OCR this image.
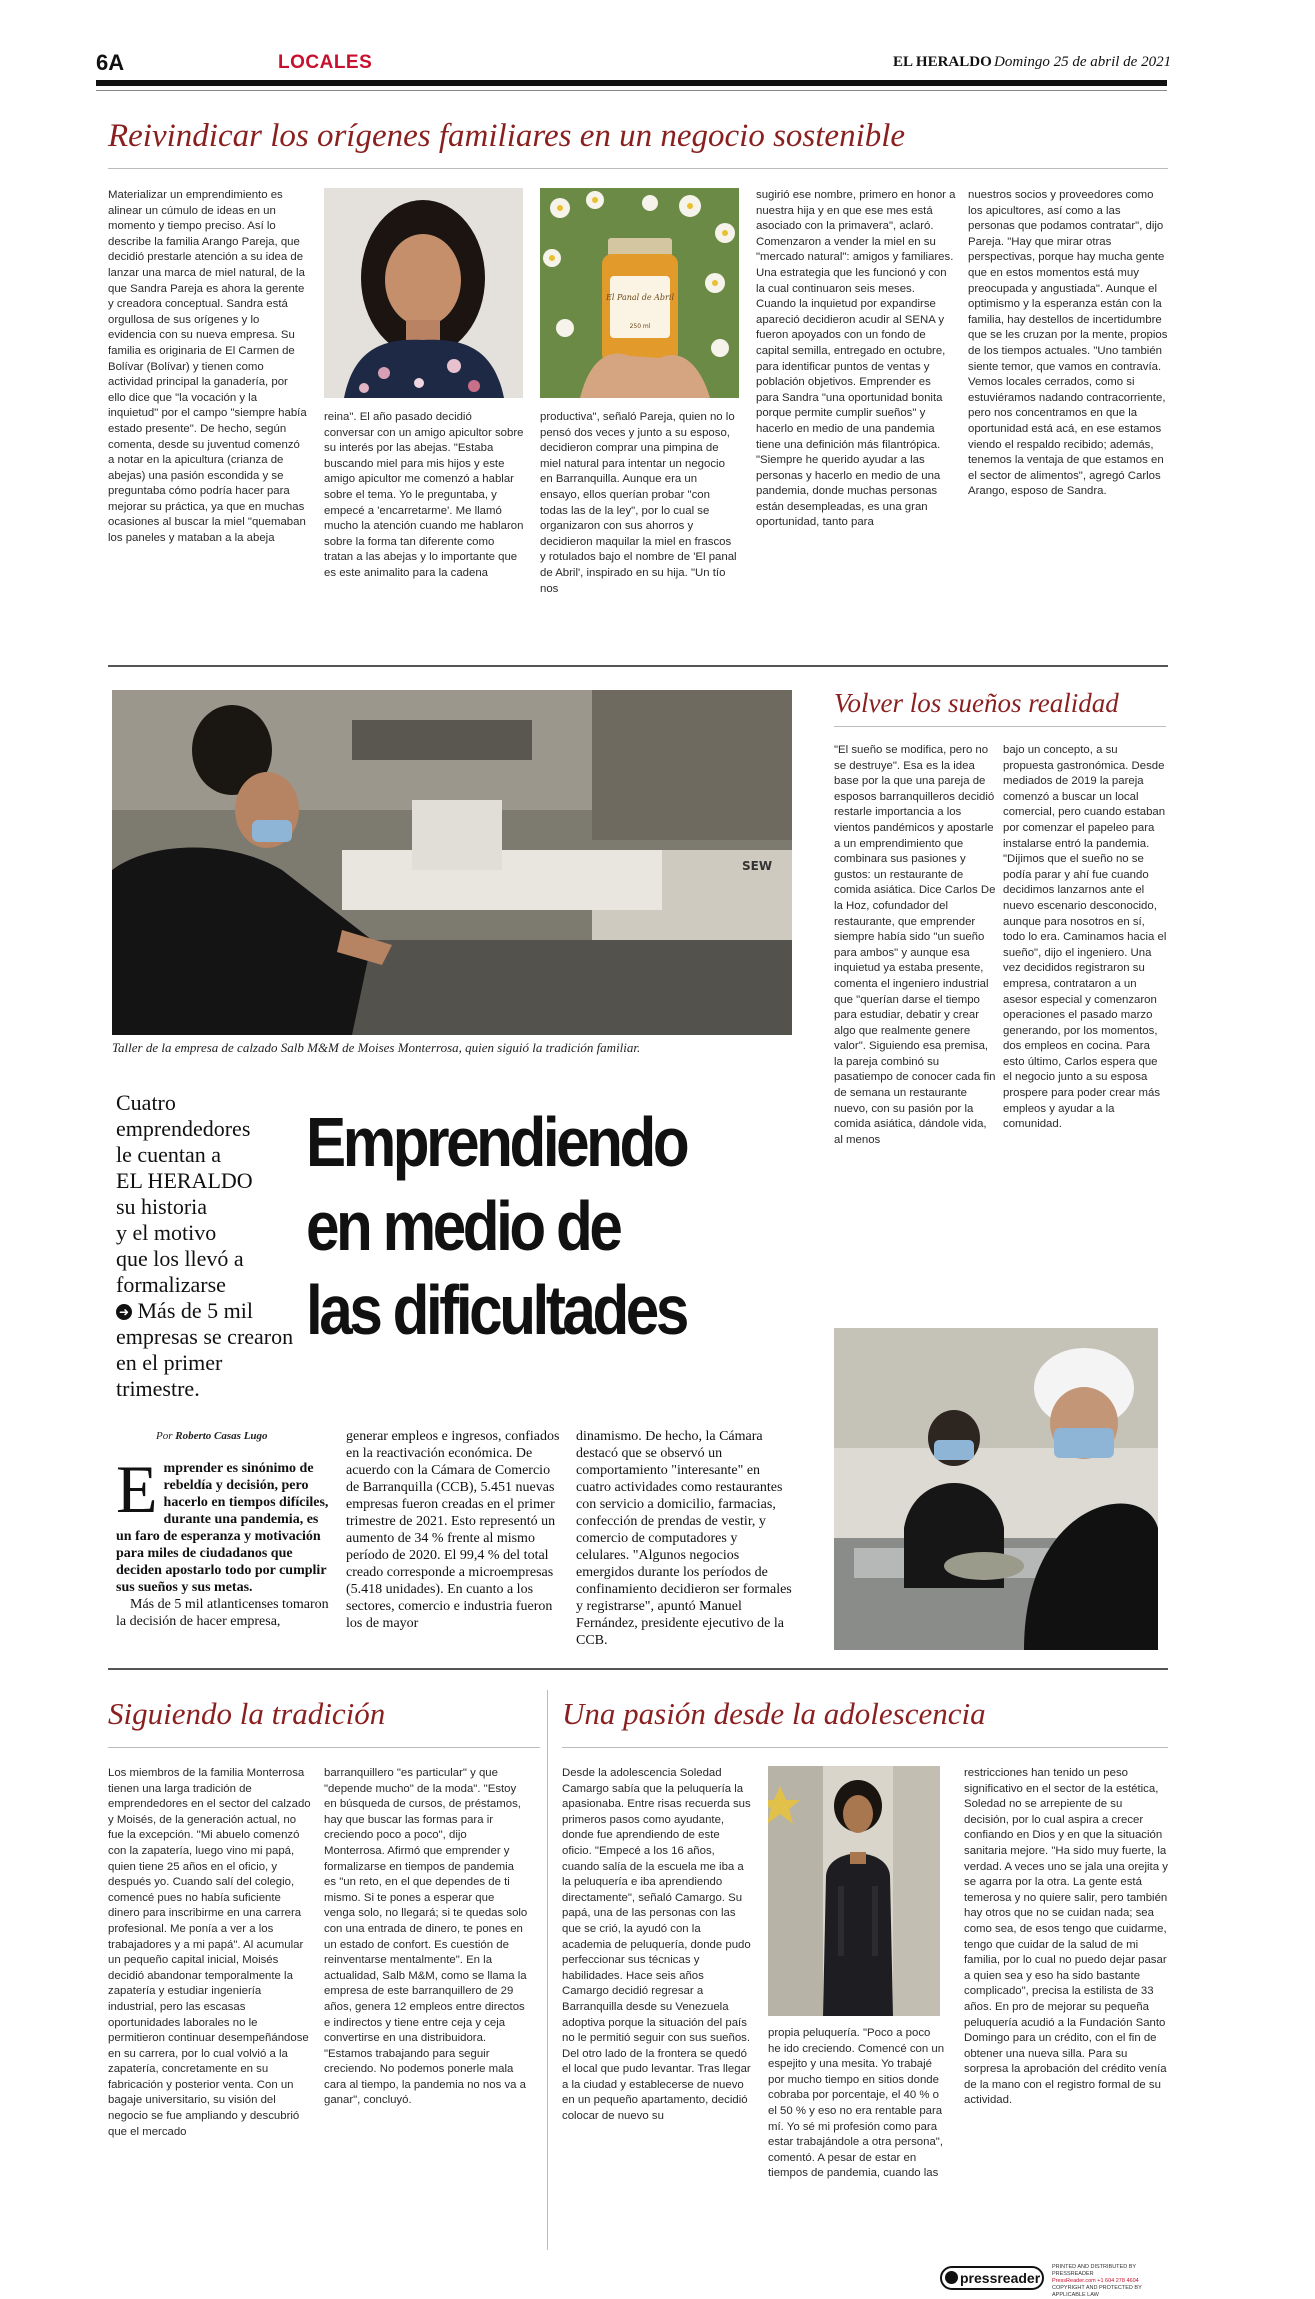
6A	LOCALES	EL HERALDO Domingo 25 de abril de 2021
Reivindicar los orígenes familiares en un negocio sostenible

Materializar un emprendimiento es alinear un cúmulo de ideas en un momento y tiempo preciso. Así lo describe la familia Arango Pareja, que decidió prestarle atención a su idea de lanzar una marca de miel natural, de la que Sandra Pareja es ahora la gerente y creadora conceptual. Sandra está orgullosa de sus orígenes y lo evidencia con su nueva empresa. Su familia es originaria de El Carmen de Bolívar (Bolívar) y tienen como actividad principal la ganadería, por ello dice que "la vocación y la inquietud" por el campo "siempre había estado presente". De hecho, según comenta, desde su juventud comenzó a notar en la apicultura (crianza de abejas) una pasión escondida y se preguntaba cómo podría hacer para mejorar su práctica, ya que en muchas ocasiones al buscar la miel "quemaban los paneles y mataban a la abeja

reina". El año pasado decidió conversar con un amigo apicultor sobre su interés por las abejas. "Estaba buscando miel para mis hijos y este amigo apicultor me comenzó a hablar sobre el tema. Yo le preguntaba, y empecé a 'encarretarme'. Me llamó mucho la atención cuando me hablaron sobre la forma tan diferente como tratan a las abejas y lo importante que es este animalito para la cadena

El Panal de Abril
250 ml

productiva", señaló Pareja, quien no lo pensó dos veces y junto a su esposo, decidieron comprar una pimpina de miel natural para intentar un negocio en Barranquilla. Aunque era un ensayo, ellos querían probar "con todas las de la ley", por lo cual se organizaron con sus ahorros y decidieron maquilar la miel en frascos y rotulados bajo el nombre de 'El panal de Abril', inspirado en su hija. "Un tío nos

sugirió ese nombre, primero en honor a nuestra hija y en que ese mes está asociado con la primavera", aclaró. Comenzaron a vender la miel en su "mercado natural": amigos y familiares. Una estrategia que les funcionó y con la cual continuaron seis meses. Cuando la inquietud por expandirse apareció decidieron acudir al SENA y fueron apoyados con un fondo de capital semilla, entregado en octubre, para identificar puntos de ventas y población objetivos. Emprender es para Sandra "una oportunidad bonita porque permite cumplir sueños" y hacerlo en medio de una pandemia tiene una definición más filantrópica. "Siempre he querido ayudar a las personas y hacerlo en medio de una pandemia, donde muchas personas están desempleadas, es una gran oportunidad, tanto para

nuestros socios y proveedores como los apicultores, así como a las personas que podamos contratar", dijo Pareja. "Hay que mirar otras perspectivas, porque hay mucha gente que en estos momentos está muy preocupada y angustiada". Aunque el optimismo y la esperanza están con la familia, hay destellos de incertidumbre que se les cruzan por la mente, propios de los tiempos actuales. "Uno también siente temor, que vamos en contravía. Vemos locales cerrados, como si estuviéramos nadando contracorriente, pero nos concentramos en que la oportunidad está acá, en ese estamos viendo el respaldo recibido; además, tenemos la ventaja de que estamos en el sector de alimentos", agregó Carlos Arango, esposo de Sandra.

SEW
Taller de la empresa de calzado Salb M&M de Moises Monterrosa, quien siguió la tradición familiar.
Cuatro
emprendedores
le cuentan a
EL HERALDO
su historia
y el motivo
que los llevó a
formalizarse
➜ Más de 5 mil empresas se crearon en el primer trimestre.
Emprendiendo
en medio de
las dificultades
Por Roberto Casas Lugo
E mprender es sinónimo de rebeldía y decisión, pero hacerlo en tiempos difíciles, durante una pandemia, es un faro de esperanza y motivación para miles de ciudadanos que deciden apostarlo todo por cumplir sus sueños y sus metas.
Más de 5 mil atlanticenses tomaron la decisión de hacer empresa,

generar empleos e ingresos, confiados en la reactivación económica. De acuerdo con la Cámara de Comercio de Barranquilla (CCB), 5.451 nuevas empresas fueron creadas en el primer trimestre de 2021. Esto representó un aumento de 34 % frente al mismo período de 2020. El 99,4 % del total creado corresponde a microempresas (5.418 unidades). En cuanto a los sectores, comercio e industria fueron los de mayor

dinamismo. De hecho, la Cámara destacó que se observó un comportamiento "interesante" en cuatro actividades como restaurantes con servicio a domicilio, farmacias, confección de prendas de vestir, y comercio de computadores y celulares. "Algunos negocios emergidos durante los períodos de confinamiento decidieron ser formales y registrarse", apuntó Manuel Fernández, presidente ejecutivo de la CCB.

Volver los sueños realidad

"El sueño se modifica, pero no se destruye". Esa es la idea base por la que una pareja de esposos barranquilleros decidió restarle importancia a los vientos pandémicos y apostarle a un emprendimiento que combinara sus pasiones y gustos: un restaurante de comida asiática. Dice Carlos De la Hoz, cofundador del restaurante, que emprender siempre había sido "un sueño para ambos" y aunque esa inquietud ya estaba presente, comenta el ingeniero industrial que "querían darse el tiempo para estudiar, debatir y crear algo que realmente genere valor". Siguiendo esa premisa, la pareja combinó su pasatiempo de conocer cada fin de semana un restaurante nuevo, con su pasión por la comida asiática, dándole vida, al menos

bajo un concepto, a su propuesta gastronómica. Desde mediados de 2019 la pareja comenzó a buscar un local comercial, pero cuando estaban por comenzar el papeleo para instalarse entró la pandemia. "Dijimos que el sueño no se podía parar y ahí fue cuando decidimos lanzarnos ante el nuevo escenario desconocido, aunque para nosotros en sí, todo lo era. Caminamos hacia el sueño", dijo el ingeniero. Una vez decididos registraron su empresa, contrataron a un asesor especial y comenzaron operaciones el pasado marzo generando, por los momentos, dos empleos en cocina. Para esto último, Carlos espera que el negocio junto a su esposa prospere para poder crear más empleos y ayudar a la comunidad.

Siguiendo la tradición

Los miembros de la familia Monterrosa tienen una larga tradición de emprendedores en el sector del calzado y Moisés, de la generación actual, no fue la excepción. "Mi abuelo comenzó con la zapatería, luego vino mi papá, quien tiene 25 años en el oficio, y después yo. Cuando salí del colegio, comencé pues no había suficiente dinero para inscribirme en una carrera profesional. Me ponía a ver a los trabajadores y a mi papá". Al acumular un pequeño capital inicial, Moisés decidió abandonar temporalmente la zapatería y estudiar ingeniería industrial, pero las escasas oportunidades laborales no le permitieron continuar desempeñándose en su carrera, por lo cual volvió a la zapatería, concretamente en su fabricación y posterior venta. Con un bagaje universitario, su visión del negocio se fue ampliando y descubrió que el mercado

barranquillero "es particular" y que "depende mucho" de la moda". "Estoy en búsqueda de cursos, de préstamos, hay que buscar las formas para ir creciendo poco a poco", dijo Monterrosa. Afirmó que emprender y formalizarse en tiempos de pandemia es "un reto, en el que dependes de ti mismo. Si te pones a esperar que venga solo, no llegará; si te quedas solo con una entrada de dinero, te pones en un estado de confort. Es cuestión de reinventarse mentalmente". En la actualidad, Salb M&M, como se llama la empresa de este barranquillero de 29 años, genera 12 empleos entre directos e indirectos y tiene entre ceja y ceja convertirse en una distribuidora. "Estamos trabajando para seguir creciendo. No podemos ponerle mala cara al tiempo, la pandemia no nos va a ganar", concluyó.

Una pasión desde la adolescencia

Desde la adolescencia Soledad Camargo sabía que la peluquería la apasionaba. Entre risas recuerda sus primeros pasos como ayudante, donde fue aprendiendo de este oficio. "Empecé a los 16 años, cuando salía de la escuela me iba a la peluquería e iba aprendiendo directamente", señaló Camargo. Su papá, una de las personas con las que se crió, la ayudó con la academia de peluquería, donde pudo perfeccionar sus técnicas y habilidades. Hace seis años Camargo decidió regresar a Barranquilla desde su Venezuela adoptiva porque la situación del país no le permitió seguir con sus sueños. Del otro lado de la frontera se quedó el local que pudo levantar. Tras llegar a la ciudad y establecerse de nuevo en un pequeño apartamento, decidió colocar de nuevo su

propia peluquería. "Poco a poco he ido creciendo. Comencé con un espejito y una mesita. Yo trabajé por mucho tiempo en sitios donde cobraba por porcentaje, el 40 % o el 50 % y eso no era rentable para mí. Yo sé mi profesión como para estar trabajándole a otra persona", comentó. A pesar de estar en tiempos de pandemia, cuando las

restricciones han tenido un peso significativo en el sector de la estética, Soledad no se arrepiente de su decisión, por lo cual aspira a crecer confiando en Dios y en que la situación sanitaria mejore. "Ha sido muy fuerte, la verdad. A veces uno se jala una orejita y se agarra por la otra. La gente está temerosa y no quiere salir, pero también hay otros que no se cuidan nada; sea como sea, de esos tengo que cuidarme, tengo que cuidar de la salud de mi familia, por lo cual no puedo dejar pasar a quien sea y eso ha sido bastante complicado", precisa la estilista de 33 años. En pro de mejorar su pequeña peluquería acudió a la Fundación Santo Domingo para un crédito, con el fin de obtener una nueva silla. Para su sorpresa la aprobación del crédito venía de la mano con el registro formal de su actividad.

pressreader
PRINTED AND DISTRIBUTED BY PRESSREADER
PressReader.com +1 604 278 4604
COPYRIGHT AND PROTECTED BY APPLICABLE LAW
